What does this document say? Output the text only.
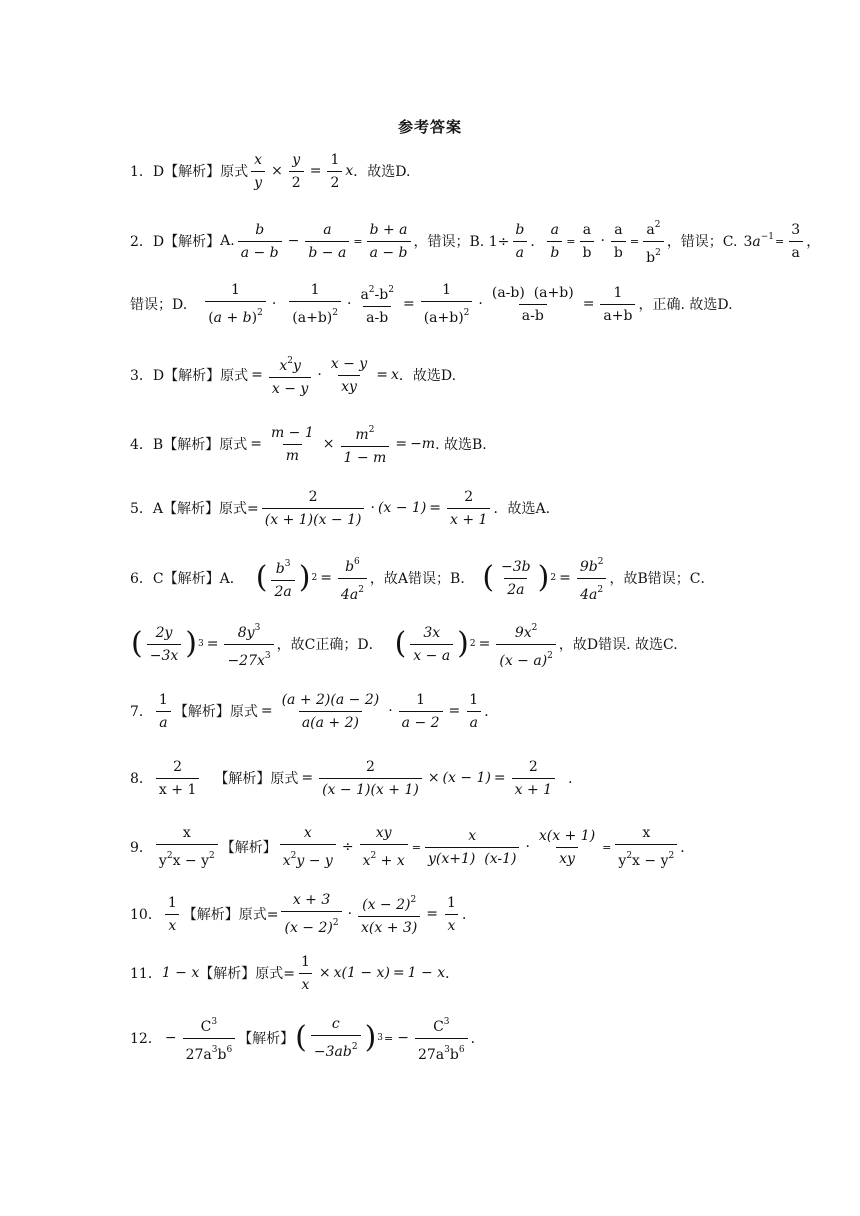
参考答案
1．D 【解析】 原式 $\frac{x}{y} \times \frac{y}{2} = \frac{1}{2}$ x ．故选D.
2．D 【解析】 A. $\frac{b}{a - b} - \frac{a}{b - a} = \frac{b + a}{a - b}$ ，错误；B. $1\div \frac{b}{a}$ ． $\frac{a}{b} = \frac{a}{b} \cdot \frac{a}{b} = \frac{a^2}{b^2}$ ，错误；C. $3a^{-1} = \frac{3}{a}$ ，
错误；D. $\frac{1}{(a + b)^2} \cdot \frac{1}{(a+b)^2} \cdot \frac{a^2-b^2}{a-b} = \frac{1}{(a+b)^2} \cdot \frac{(a-b) (a+b)}{a-b} = \frac{1}{a+b}$ ，正确. 故选D.
3．D 【解析】 原式 = $\frac{x^2y}{x - y} \cdot \frac{x - y}{xy} = x$ ．故选D.
4．B 【解析】 原式 = $\frac{m - 1}{m} \times \frac{m^2}{1 - m} = -m$ . 故选B.
5．A 【解析】 原式= $\frac{2}{(x + 1)(x - 1)} \cdot (x - 1) = \frac{2}{x + 1}$ ．故选A.
6．C 【解析】 A． ( $\frac{b^3}{2a}$ ) $2 = \frac{b^6}{4a^2}$ ，故A错误；B． ( $\frac{-3b}{2a}$ ) $2 = \frac{9b^2}{4a^2}$ ，故B错误；C．
( $\frac{2y}{-3x}$ ) $3 = \frac{8y^3}{-27x^3}$ ，故C正确；D． ( $\frac{3x}{x - a}$ ) $2 = \frac{9x^2}{(x - a)^2}$ ，故D错误. 故选C.
7． $\frac{1}{a}$ 【解析】 原式 = $\frac{(a + 2)(a - 2)}{a(a + 2)} \cdot \frac{1}{a - 2} = \frac{1}{a}$ ．
8． $\frac{2}{x + 1}$ 【解析】 原式 = $\frac{2}{(x - 1)(x + 1)} \times (x - 1) = \frac{2}{x + 1}$ ．
9． $\frac{x}{y^2x - y^2}$ 【解析】 $\frac{x}{x^2y - y} \div \frac{xy}{x^2 + x} = \frac{x}{y(x+1) (x-1)} \cdot \frac{x(x + 1)}{xy} = \frac{x}{y^2x - y^2}$ ．
10． $\frac{1}{x}$ 【解析】 原式= $\frac{x + 3}{(x - 2)^2} \cdot \frac{(x - 2)^2}{x(x + 3)} = \frac{1}{x}$ ．
11． 1 − x 【解析】 原式= $\frac{1}{x} \times x(1 - x) = 1 - x$ ．
12． − $\frac{C^3}{27a^3b^6}$ 【解析】 ( $\frac{c}{-3ab^2}$ ) 3 = − $\frac{C^3}{27a^3b^6}$ ．
